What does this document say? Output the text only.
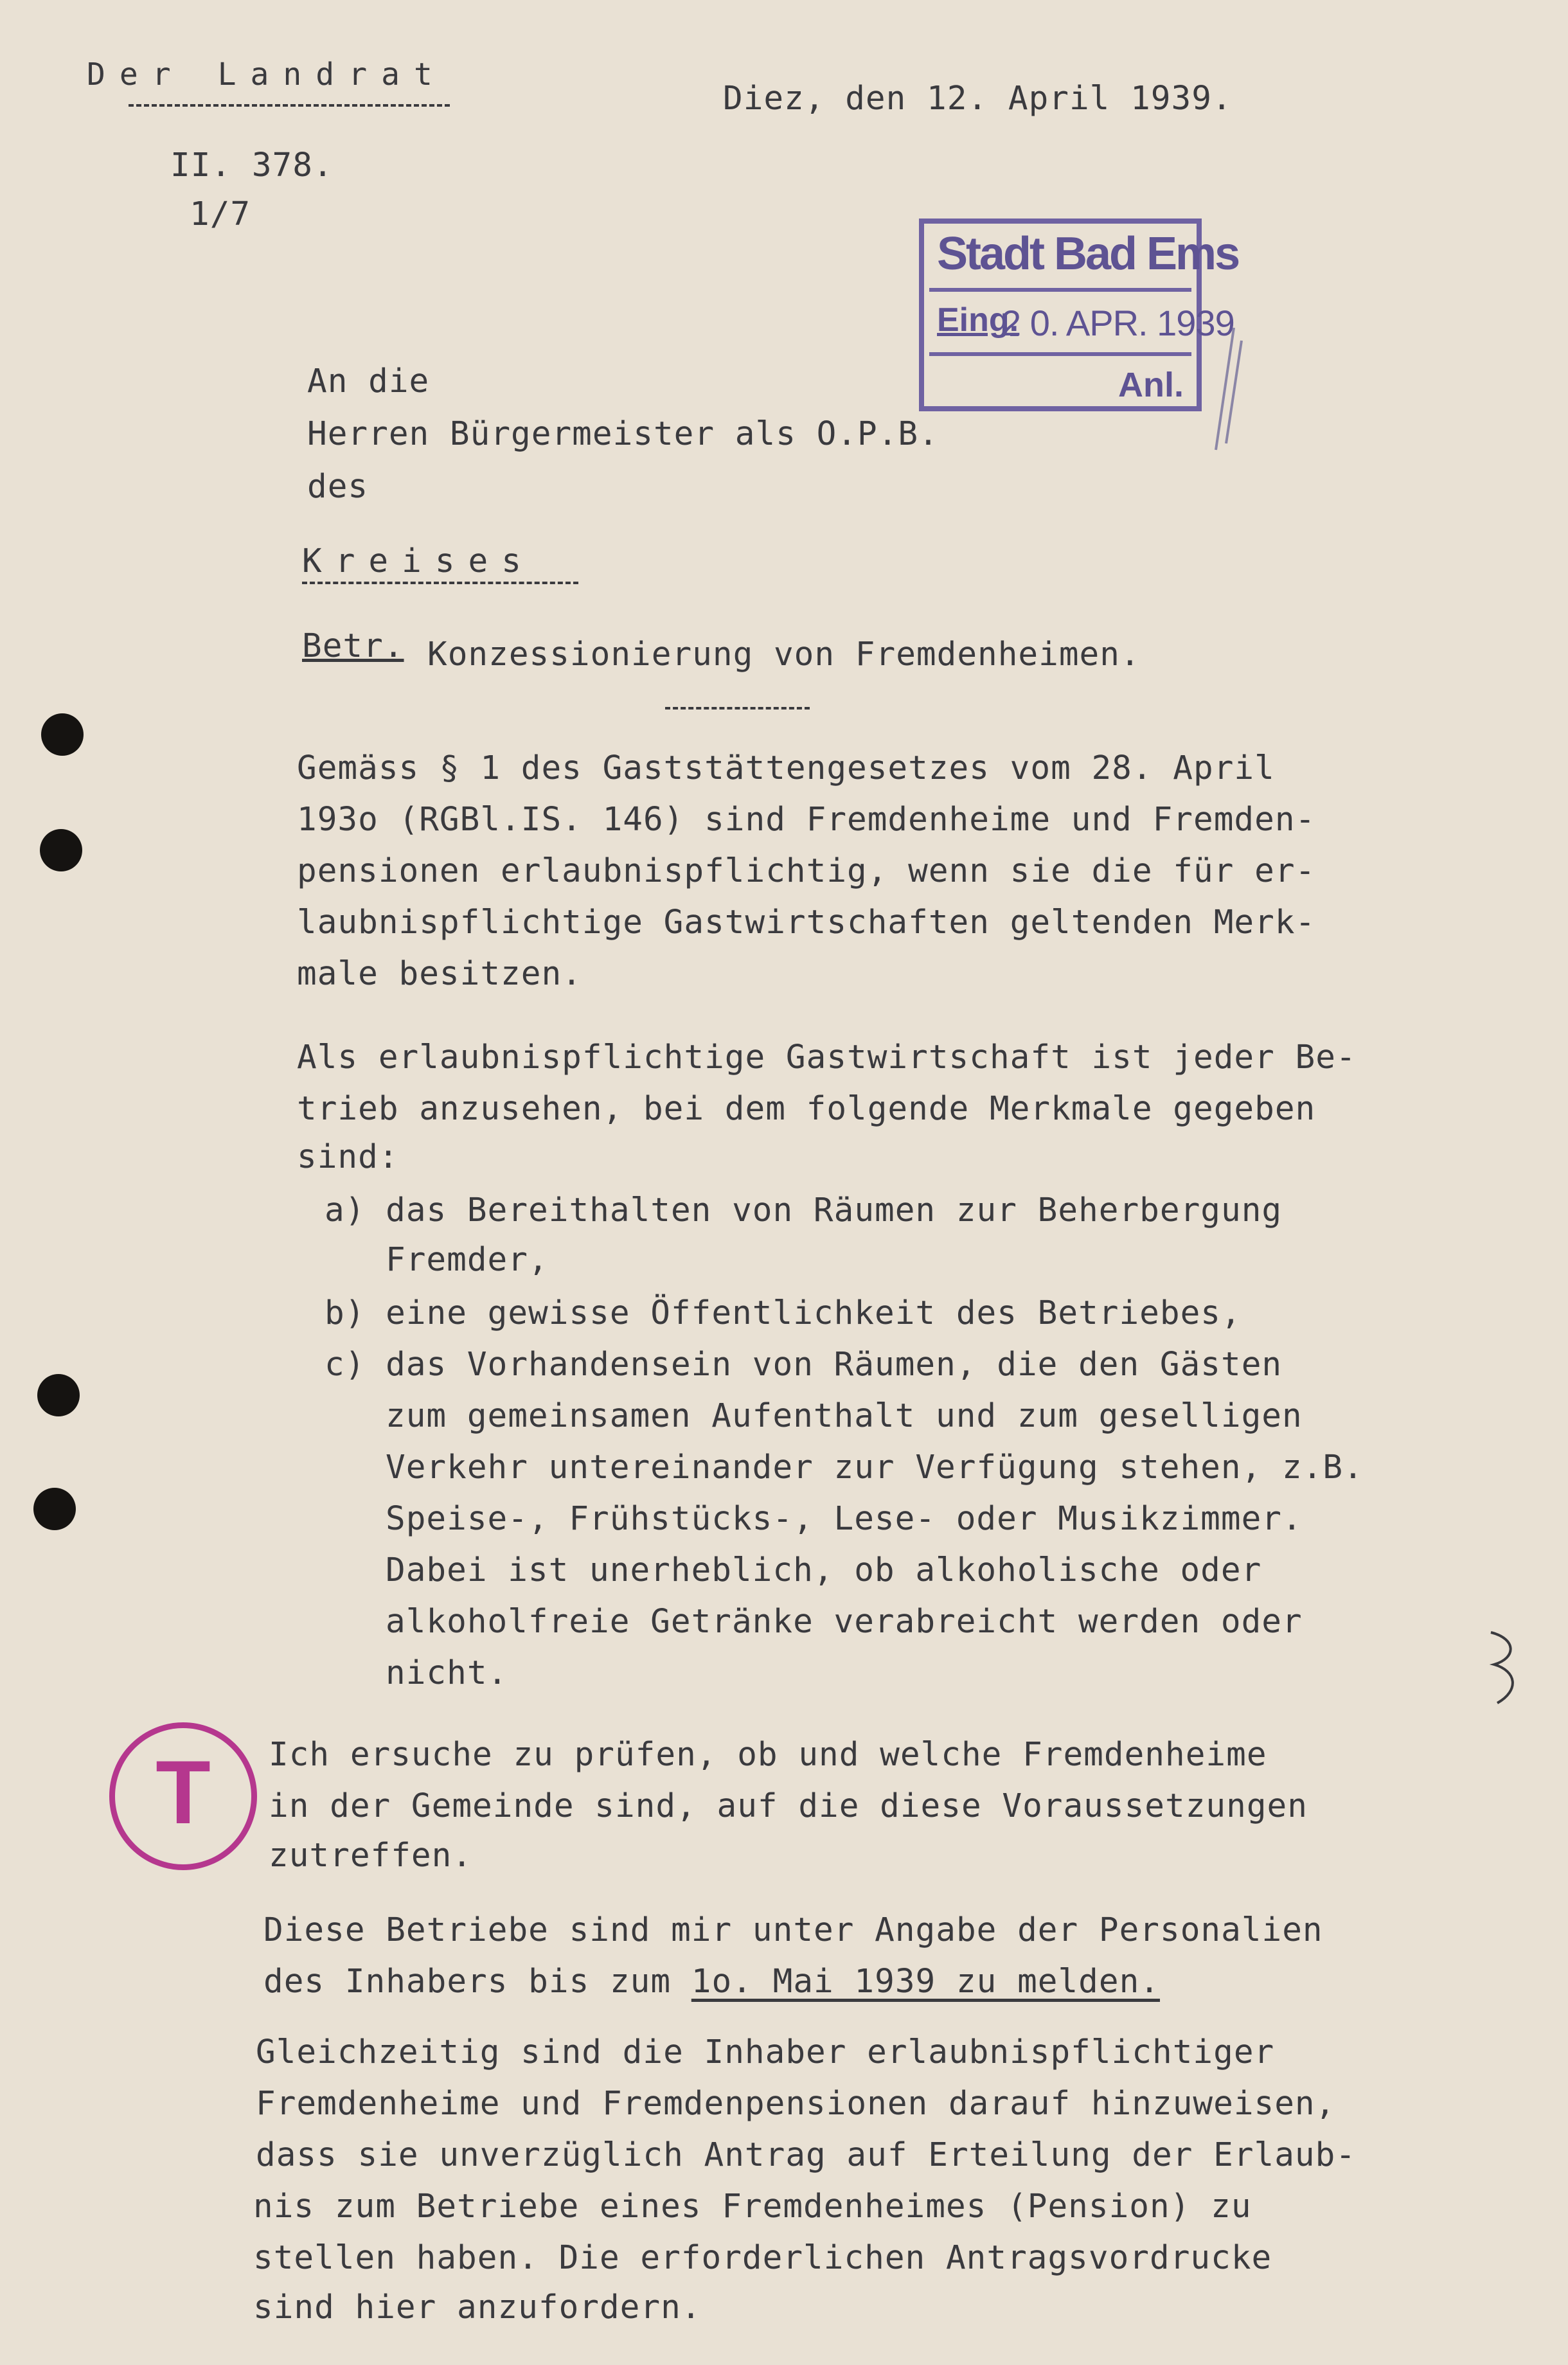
Der Landrat
Diez, den 12. April 1939.
II. 378.
1/7
Stadt Bad Ems
Eing.
2 0. APR. 1939
Anl.
An die
Herren Bürgermeister als O.P.B.
des
Kreises
Betr. Konzessionierung von Fremdenheimen.
Gemäss § 1 des Gaststättengesetzes vom 28. April
193o (RGBl.IS. 146) sind Fremdenheime und Fremden-
pensionen erlaubnispflichtig, wenn sie die für er-
laubnispflichtige Gastwirtschaften geltenden Merk-
male besitzen.
Als erlaubnispflichtige Gastwirtschaft ist jeder Be-
trieb anzusehen, bei dem folgende Merkmale gegeben
sind:
a) das Bereithalten von Räumen zur Beherbergung
Fremder,
b) eine gewisse Öffentlichkeit des Betriebes,
c) das Vorhandensein von Räumen, die den Gästen
zum gemeinsamen Aufenthalt und zum geselligen
Verkehr untereinander zur Verfügung stehen, z.B.
Speise-, Frühstücks-, Lese- oder Musikzimmer.
Dabei ist unerheblich, ob alkoholische oder
alkoholfreie Getränke verabreicht werden oder
nicht.
T	Ich ersuche zu prüfen, ob und welche Fremdenheime
in der Gemeinde sind, auf die diese Voraussetzungen
zutreffen.
Diese Betriebe sind mir unter Angabe der Personalien
des Inhabers bis zum 1o. Mai 1939 zu melden.
Gleichzeitig sind die Inhaber erlaubnispflichtiger
Fremdenheime und Fremdenpensionen darauf hinzuweisen,
dass sie unverzüglich Antrag auf Erteilung der Erlaub-
nis zum Betriebe eines Fremdenheimes (Pension) zu
stellen haben. Die erforderlichen Antragsvordrucke
sind hier anzufordern.
